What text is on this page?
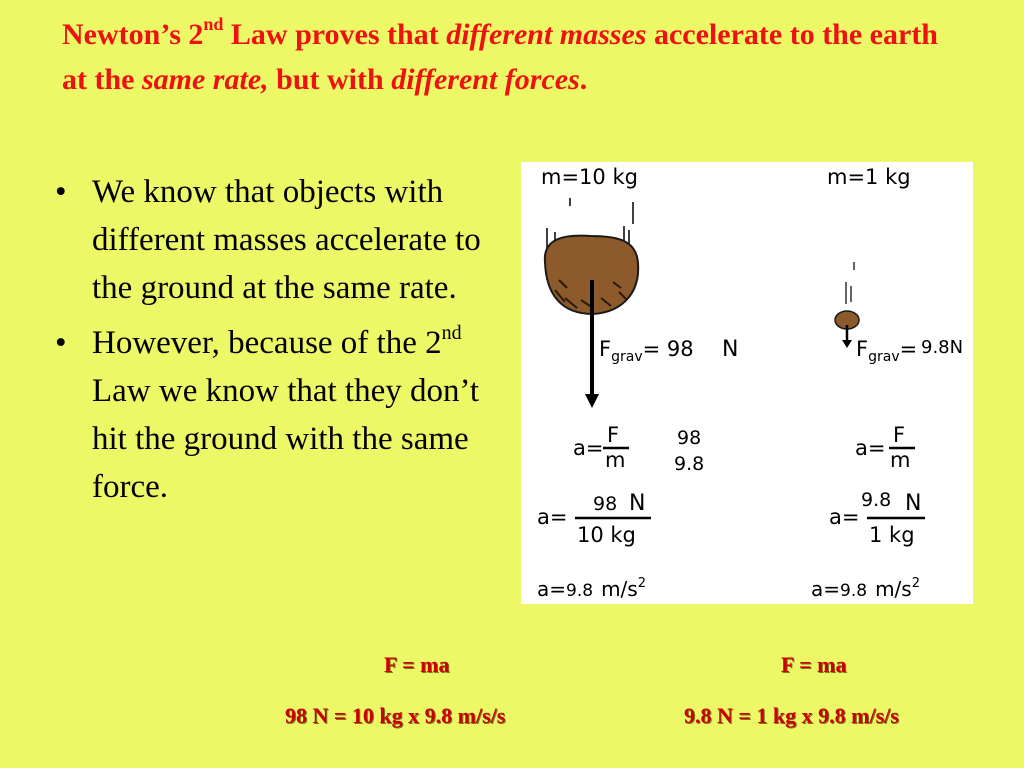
Newton’s 2nd Law proves that different masses accelerate to the earth at the same rate, but with different forces.
• We know that objects with different masses accelerate to the ground at the same rate.
• However, because of the 2nd Law we know that they don’t hit the ground with the same force.
m=10 kg
$F_{grav}= 98$ N
a=
F
m
98
9.8
a=
98 N
10 kg
a=9.8 $m/s^2$
m=1 kg
$F_{grav}= 9.8N$
a=
F
m
a=
9.8 N
1 kg
a=9.8 $m/s^2$
F = ma	F = ma
98 N = 10 kg x 9.8 m/s/s	9.8 N = 1 kg x 9.8 m/s/s
